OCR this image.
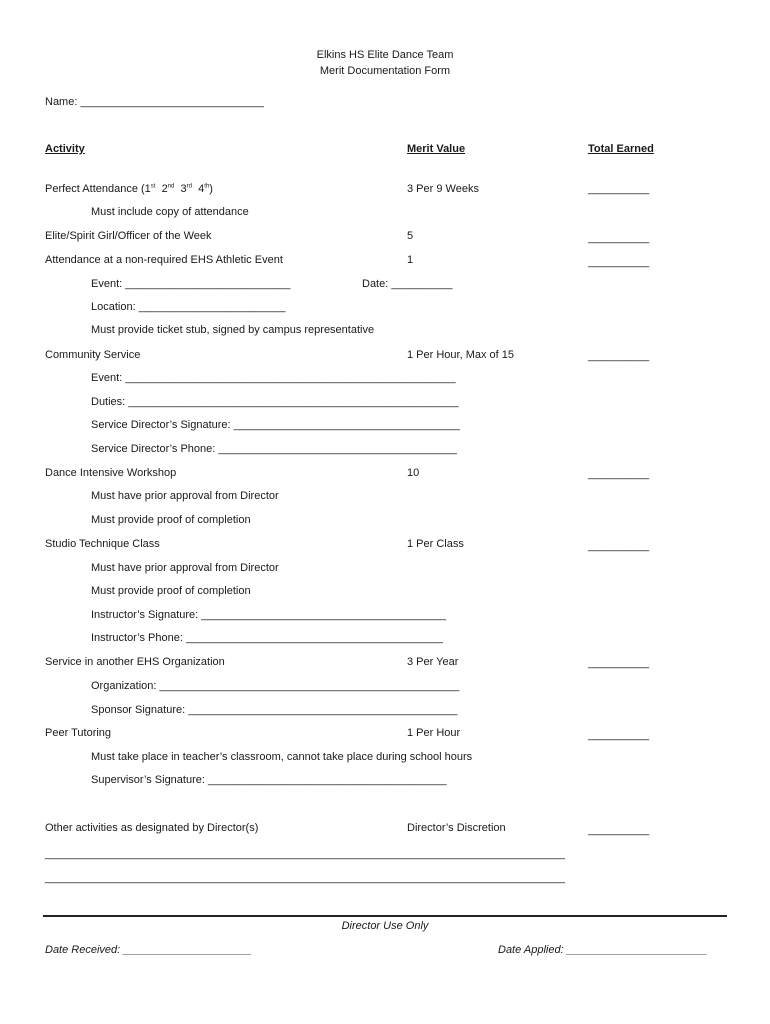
Elkins HS Elite Dance Team
Merit Documentation Form
Name: ______________________________
Activity	Merit Value	Total Earned
Perfect Attendance (1st 2nd 3rd 4th)	3 Per 9 Weeks	__________
Must include copy of attendance
Elite/Spirit Girl/Officer of the Week	5	__________
Attendance at a non-required EHS Athletic Event	1	__________
Event: ___________________________	Date: __________
Location: ________________________
Must provide ticket stub, signed by campus representative
Community Service	1 Per Hour, Max of 15	__________
Event: ______________________________________________________
Duties: ______________________________________________________
Service Director’s Signature: _____________________________________
Service Director’s Phone: _______________________________________
Dance Intensive Workshop	10	__________
Must have prior approval from Director
Must provide proof of completion
Studio Technique Class	1 Per Class	__________
Must have prior approval from Director
Must provide proof of completion
Instructor’s Signature: ________________________________________
Instructor’s Phone: __________________________________________
Service in another EHS Organization	3 Per Year	__________
Organization: _________________________________________________
Sponsor Signature: ____________________________________________
Peer Tutoring	1 Per Hour	__________
Must take place in teacher’s classroom, cannot take place during school hours
Supervisor’s Signature: _______________________________________
Other activities as designated by Director(s)	Director’s Discretion	__________
_____________________________________________________________________________________
_____________________________________________________________________________________
Director Use Only
Date Received: _____________________	Date Applied: _______________________
